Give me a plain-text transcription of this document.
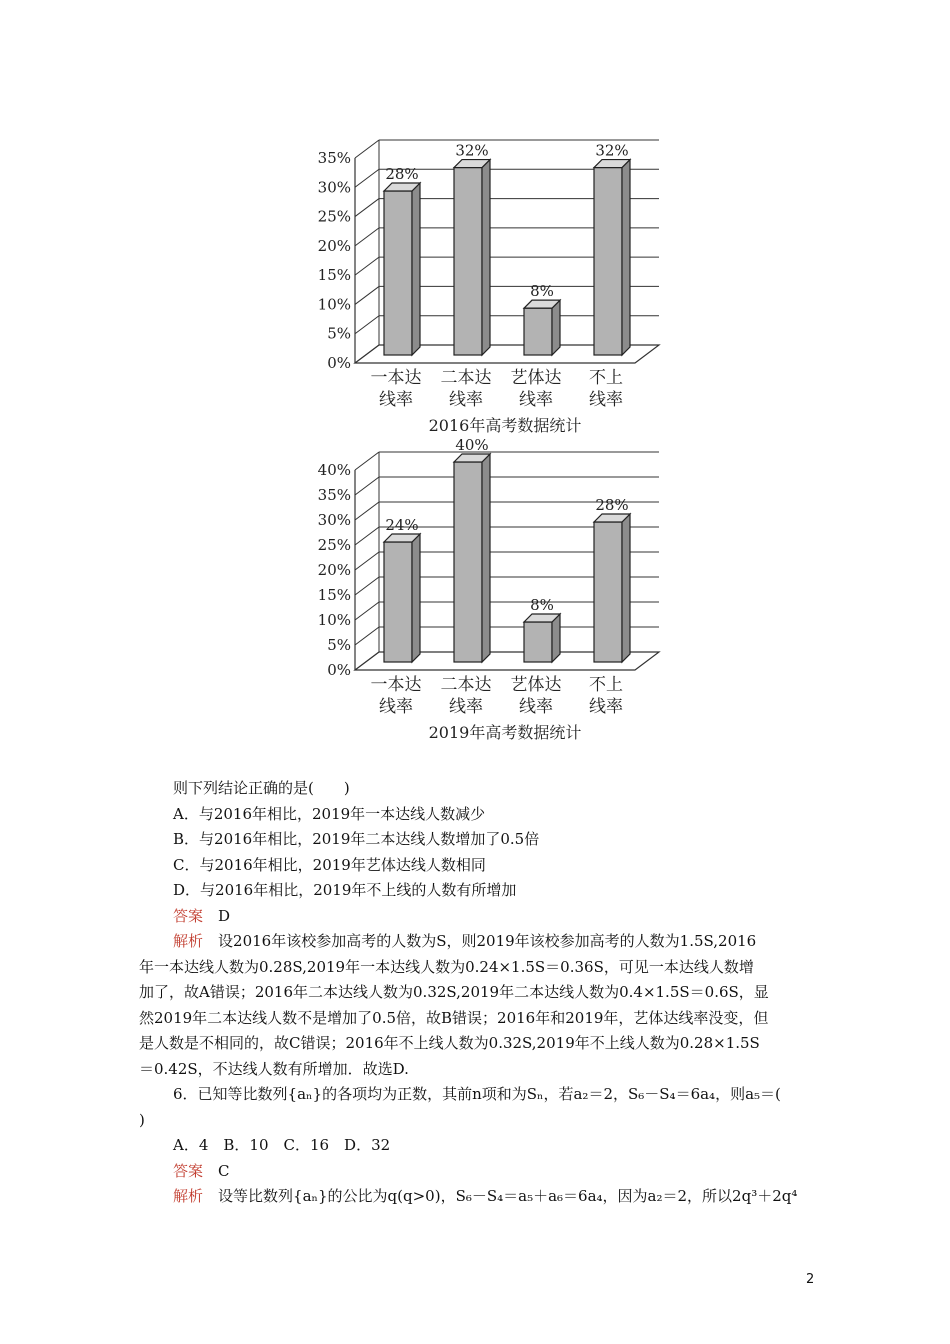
0%
5%
10%
15%
20%
25%
30%
35%
28%
一本达
线率
32%
二本达
线率
8%
艺体达
线率
32%
不上
线率
2016年高考数据统计
0%
5%
10%
15%
20%
25%
30%
35%
40%
24%
一本达
线率
40%
二本达
线率
8%
艺体达
线率
28%
不上
线率
2019年高考数据统计
则下列结论正确的是(　　)
A．与2016年相比，2019年一本达线人数减少
B．与2016年相比，2019年二本达线人数增加了0.5倍
C．与2016年相比，2019年艺体达线人数相同
D．与2016年相比，2019年不上线的人数有所增加
答案　 D
解析　 设2016年该校参加高考的人数为S，则2019年该校参加高考的人数为1.5S,2016
年一本达线人数为0.28S,2019年一本达线人数为0.24×1.5S＝0.36S，可见一本达线人数增
加了，故A错误；2016年二本达线人数为0.32S,2019年二本达线人数为0.4×1.5S＝0.6S，显
然2019年二本达线人数不是增加了0.5倍，故B错误；2016年和2019年，艺体达线率没变，但
是人数是不相同的，故C错误；2016年不上线人数为0.32S,2019年不上线人数为0.28×1.5S
＝0.42S，不达线人数有所增加．故选D.
6．已知等比数列{aₙ}的各项均为正数，其前n项和为Sₙ，若a₂＝2，S₆－S₄＝6a₄，则a₅＝(
)
A．4　B．10　C．16　D．32
答案　 C
解析　 设等比数列{aₙ}的公比为q(q>0)，S₆－S₄＝a₅＋a₆＝6a₄，因为a₂＝2，所以2q³＋2q⁴
2
